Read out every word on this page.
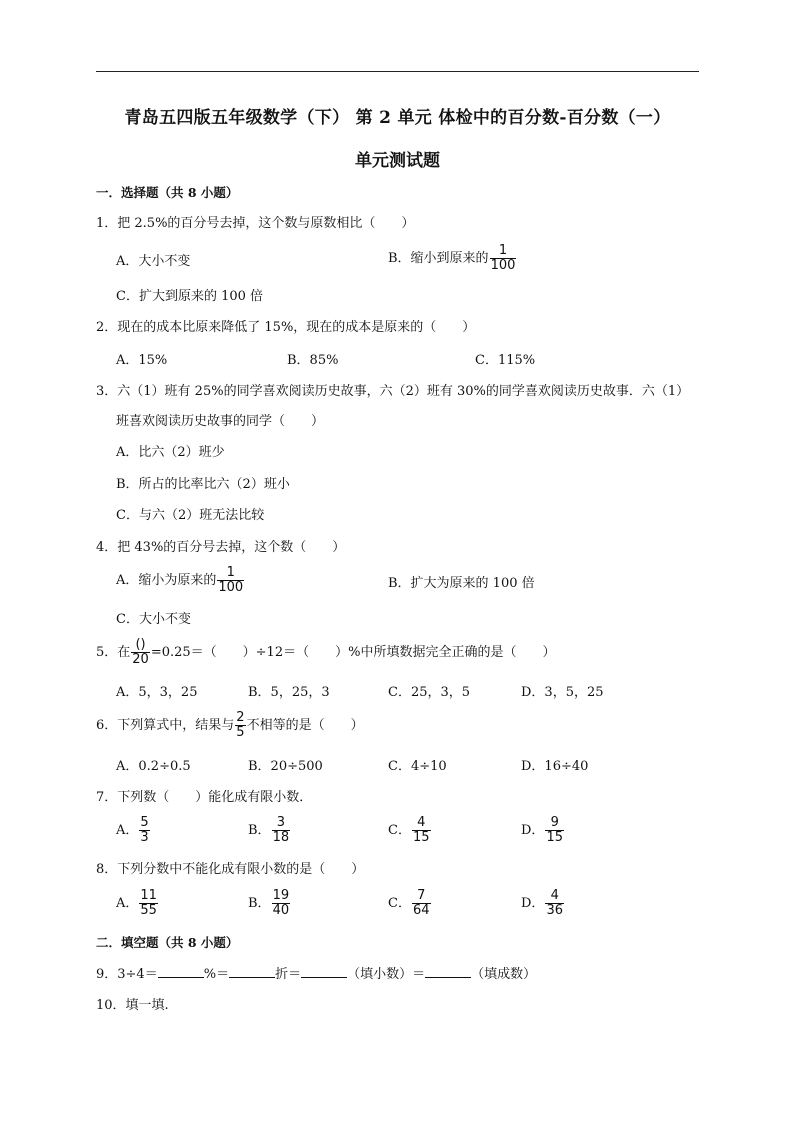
青岛五四版五年级数学（下） 第 2 单元 体检中的百分数-百分数（一）
单元测试题
一．选择题（共 8 小题）
1．把 2.5%的百分号去掉，这个数与原数相比（　　）
A．大小不变	B．缩小到原来的 $\frac{1}{100}$
C．扩大到原来的 100 倍
2．现在的成本比原来降低了 15%，现在的成本是原来的（　　）
A．15%	B．85%	C．115%
3．六（1）班有 25%的同学喜欢阅读历史故事，六（2）班有 30%的同学喜欢阅读历史故事．六（1）
班喜欢阅读历史故事的同学（　　）
A．比六（2）班少
B．所占的比率比六（2）班小
C．与六（2）班无法比较
4．把 43%的百分号去掉，这个数（　　）
A．缩小为原来的 $\frac{1}{100}$	B．扩大为原来的 100 倍
C．大小不变
5．在 $\frac{()}{20} =0.25=$（　　）÷12＝（　　）%中所填数据完全正确的是（　　）
A．5，3，25	B．5，25，3	C．25，3，5	D．3，5，25
6．下列算式中，结果与 $\frac{2}{5}$ 不相等的是（　　）
A．0.2÷0.5	B．20÷500	C．4÷10	D．16÷40
7．下列数（　　）能化成有限小数．
A． $\frac{5}{3}$	B． $\frac{3}{18}$	C． $\frac{4}{15}$	D． $\frac{9}{15}$
8．下列分数中不能化成有限小数的是（　　）
A． $\frac{11}{55}$	B． $\frac{19}{40}$	C． $\frac{7}{64}$	D． $\frac{4}{36}$
二．填空题（共 8 小题）
9．3÷4＝	%＝	折＝	（填小数）＝	（填成数）
10．填一填.
